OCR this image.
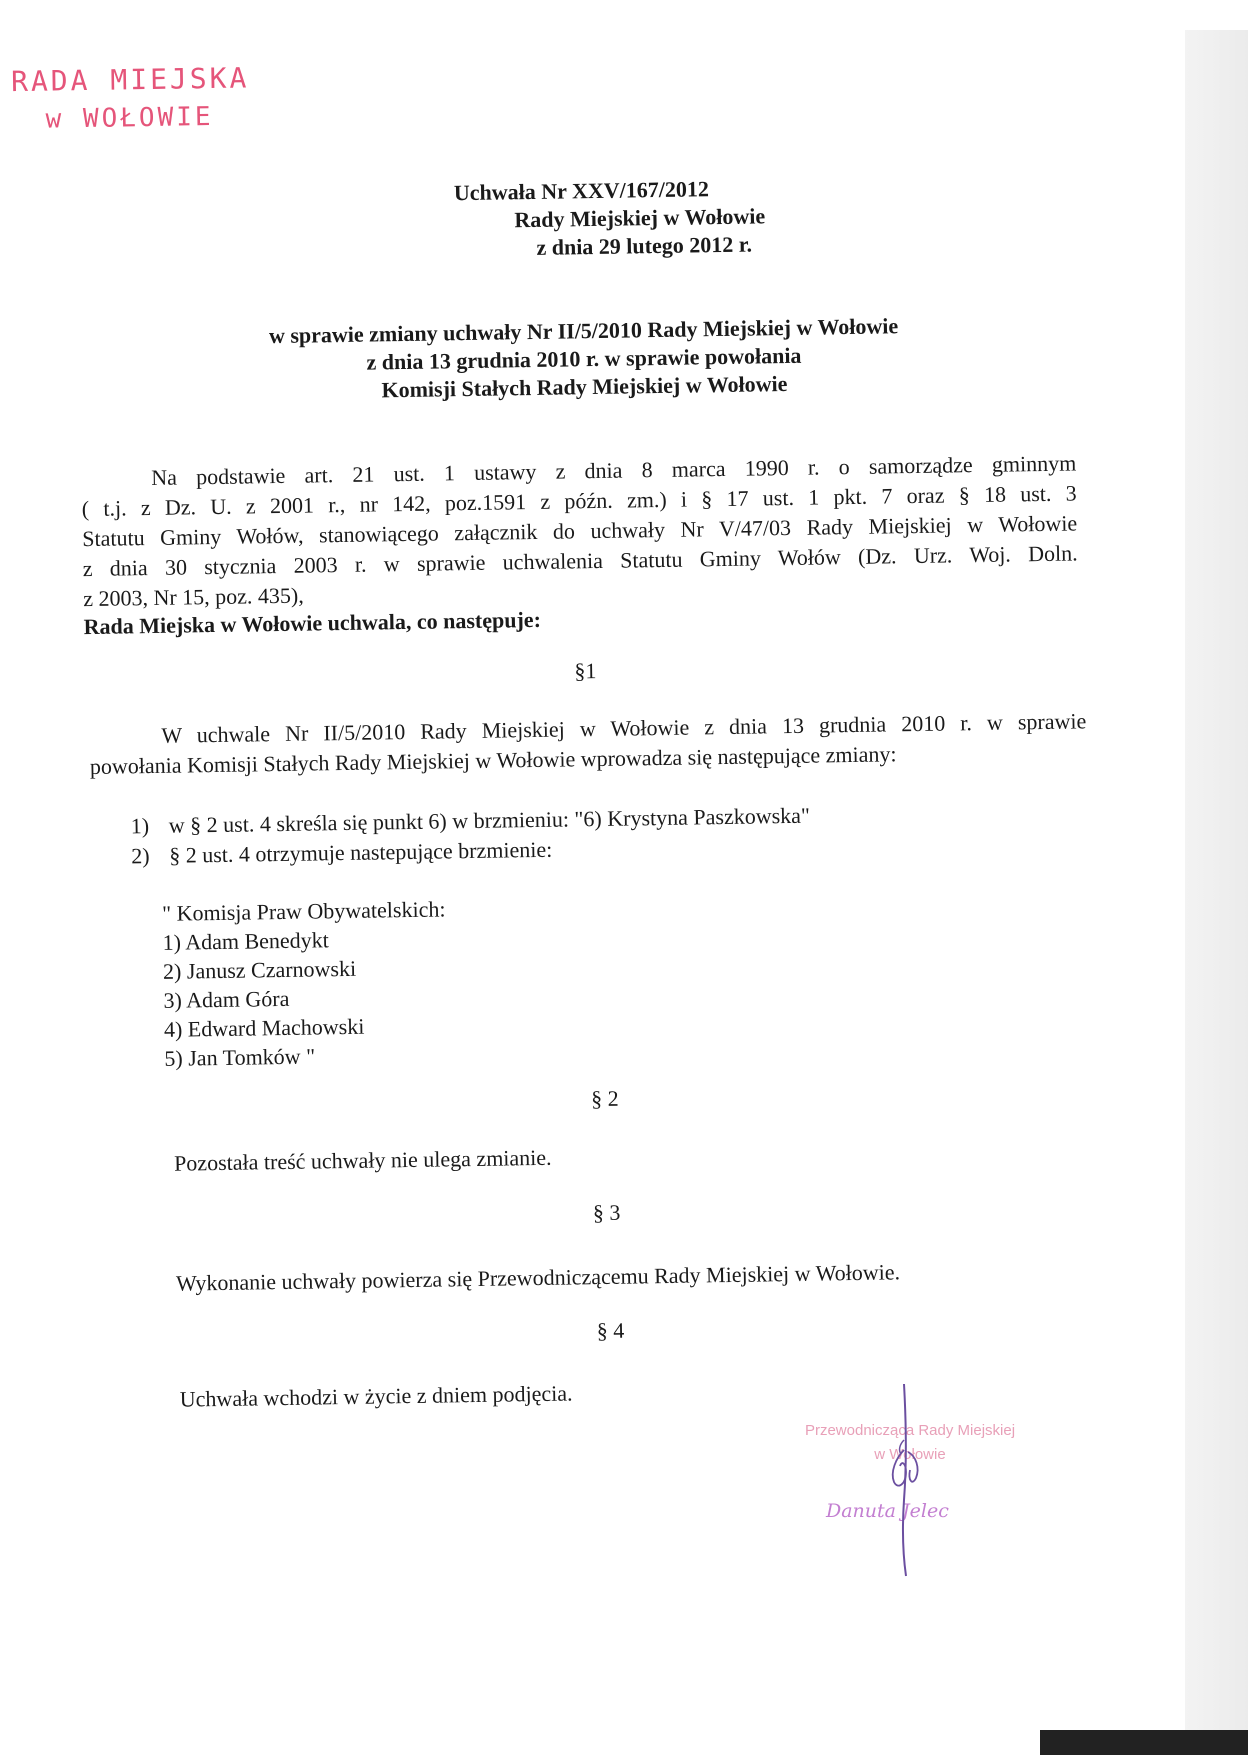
RADA MIEJSKA
w WOŁOWIE
Uchwała Nr XXV/167/2012
Rady Miejskiej w Wołowie
z dnia 29 lutego 2012 r.
w sprawie zmiany uchwały Nr II/5/2010 Rady Miejskiej w Wołowie
z dnia 13 grudnia 2010 r. w sprawie powołania
Komisji Stałych Rady Miejskiej w Wołowie
Na podstawie art. 21 ust. 1 ustawy z dnia 8 marca 1990 r. o samorządze gminnym
( t.j. z Dz. U. z 2001 r., nr 142, poz.1591 z późn. zm.) i § 17 ust. 1 pkt. 7 oraz § 18 ust. 3
Statutu Gminy Wołów, stanowiącego załącznik do uchwały Nr V/47/03 Rady Miejskiej w Wołowie
z dnia 30 stycznia 2003 r. w sprawie uchwalenia Statutu Gminy Wołów (Dz. Urz. Woj. Doln.
z 2003, Nr 15, poz. 435),
Rada Miejska w Wołowie uchwala, co następuje:
§1
W uchwale Nr II/5/2010 Rady Miejskiej w Wołowie z dnia 13 grudnia 2010 r. w sprawie
powołania Komisji Stałych Rady Miejskiej w Wołowie wprowadza się następujące zmiany:
1) w § 2 ust. 4 skreśla się punkt 6) w brzmieniu: "6) Krystyna Paszkowska"
2) § 2 ust. 4 otrzymuje nastepujące brzmienie:
" Komisja Praw Obywatelskich:
1) Adam Benedykt
2) Janusz Czarnowski
3) Adam Góra
4) Edward Machowski
5) Jan Tomków "
§ 2
Pozostała treść uchwały nie ulega zmianie.
§ 3
Wykonanie uchwały powierza się Przewodniczącemu Rady Miejskiej w Wołowie.
§ 4
Uchwała wchodzi w życie z dniem podjęcia.
Przewodnicząca Rady Miejskiej
w Wołowie
Danuta Jelec
